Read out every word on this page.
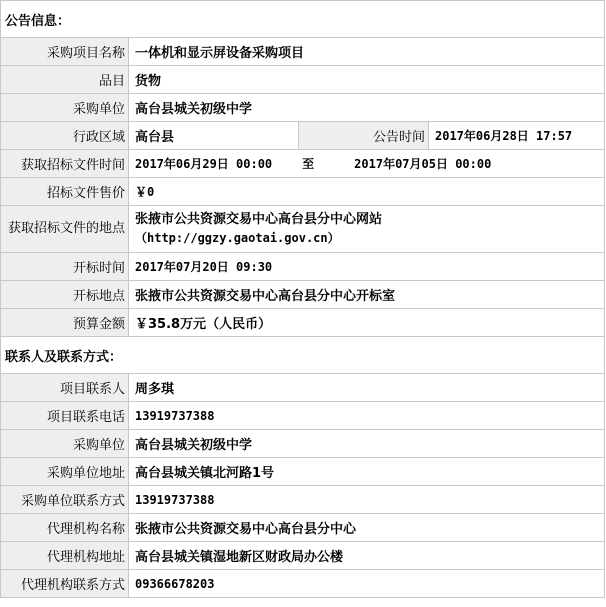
公告信息：			
采购项目名称	一体机和显示屏设备采购项目		
品目	货物		
采购单位	高台县城关初级中学		
行政区域	高台县	公告时间	2017年06月28日 17:57
获取招标文件时间	2017年06月29日 00:00 至 2017年07月05日 00:00		
招标文件售价	￥0		
获取招标文件的地点	张掖市公共资源交易中心高台县分中心网站
（http://ggzy.gaotai.gov.cn）		

开标时间	2017年07月20日 09:30		
开标地点	张掖市公共资源交易中心高台县分中心开标室		
预算金额	￥35.8万元（人民币）		
联系人及联系方式：			
项目联系人	周多琪		
项目联系电话	13919737388		
采购单位	高台县城关初级中学		
采购单位地址	高台县城关镇北河路1号		
采购单位联系方式	13919737388		
代理机构名称	张掖市公共资源交易中心高台县分中心		
代理机构地址	高台县城关镇湿地新区财政局办公楼		
代理机构联系方式	09366678203		
